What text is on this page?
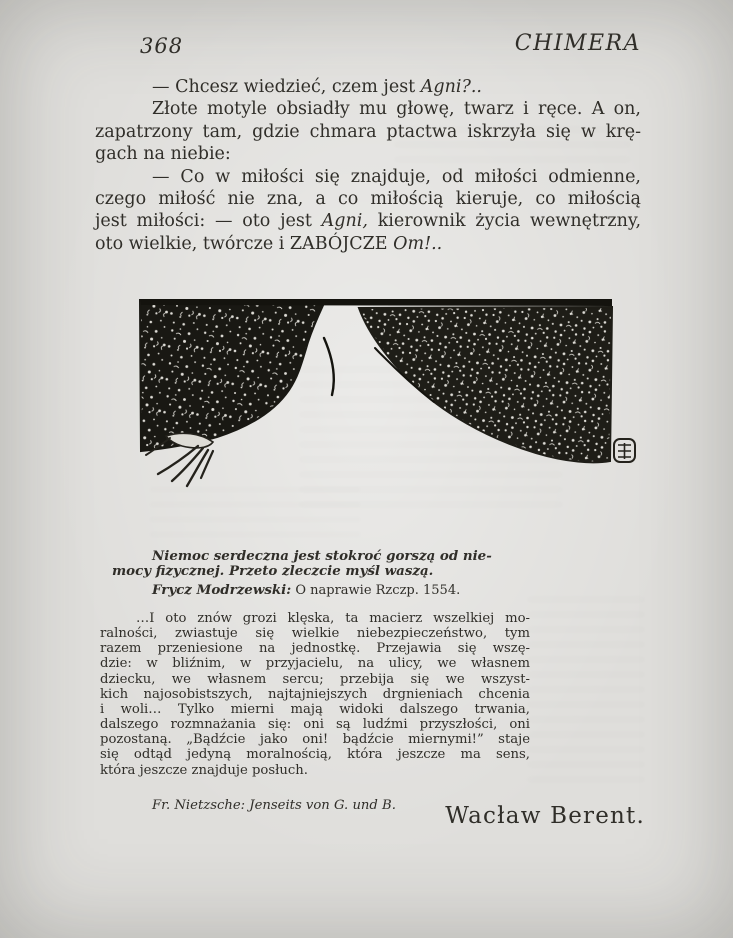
368	CHIMERA

— Chcesz wiedzieć, czem jest Agni?..

Złote motyle obsiadły mu głowę, twarz i ręce. A on,

zapatrzony tam, gdzie chmara ptactwa iskrzyła się w krę-

gach na niebie:

— Co w miłości się znajduje, od miłości odmienne,

czego miłość nie zna, a co miłością kieruje, co miłością

jest miłości: — oto jest Agni, kierownik życia wewnętrzny,

oto wielkie, twórcze i ZABÓJCZE Om!..

Niemoc serdeczna jest stokroć gorszą od nie-

mocy fizycznej. Przeto zleczcie myśl waszą.

Frycz Modrzewski: O naprawie Rzczp. 1554.

…I oto znów grozi klęska, ta macierz wszelkiej mo-

ralności, zwiastuje się wielkie niebezpieczeństwo, tym

razem przeniesione na jednostkę. Przejawia się wszę-

dzie: w bliźnim, w przyjacielu, na ulicy, we własnem

dziecku, we własnem sercu; przebija się we wszyst-

kich najosobistszych, najtajniejszych drgnieniach chcenia

i woli… Tylko mierni mają widoki dalszego trwania,

dalszego rozmnażania się: oni są ludźmi przyszłości, oni

pozostaną. „Bądźcie jako oni! bądźcie miernymi!” staje

się odtąd jedyną moralnością, która jeszcze ma sens,

która jeszcze znajduje posłuch.

Fr. Nietzsche: Jenseits von G. und B. Wacław Berent.
